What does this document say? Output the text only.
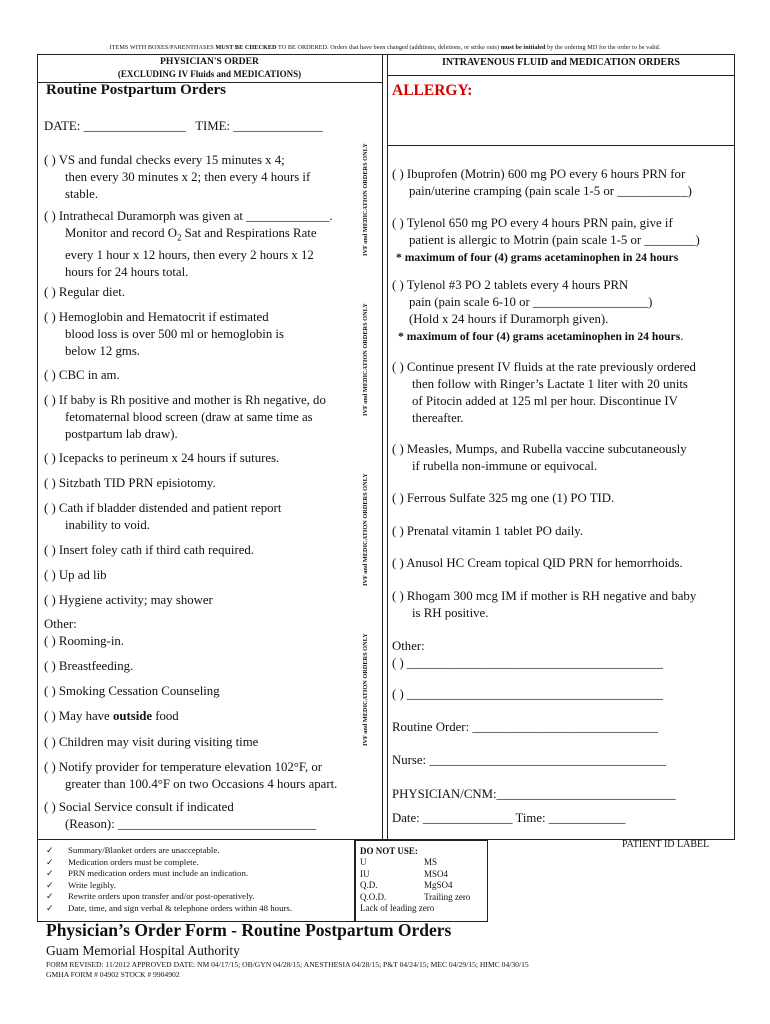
ITEMS WITH BOXES/PARENTHASES MUST BE CHECKED TO BE ORDERED. Orders that have been changed (additions, deletions, or strike outs) must be initialed by the ordering MD for the order to be valid.
IVF and MEDICATION ORDERS ONLY
IVF and MEDICATION ORDERS ONLY
IVF and MEDICATION ORDERS ONLY
IVF and MEDICATION ORDERS ONLY
PHYSICIAN'S ORDER
(EXCLUDING IV Fluids and MEDICATIONS)
INTRAVENOUS FLUID and MEDICATION ORDERS
Routine Postpartum Orders	ALLERGY:
DATE: ________________   TIME: ______________
( ) VS and fundal checks every 15 minutes x 4;
then every 30 minutes x 2; then every 4 hours if
stable.
( ) Intrathecal Duramorph was given at _____________.
Monitor and record $O_2$ Sat and Respirations Rate
every 1 hour x 12 hours, then every 2 hours x 12
hours for 24 hours total.
( ) Regular diet.
( ) Hemoglobin and Hematocrit if estimated
blood loss is over 500 ml or hemoglobin is
below 12 gms.
( ) CBC in am.
( ) If baby is Rh positive and mother is Rh negative, do
fetomaternal blood screen (draw at same time as
postpartum lab draw).
( ) Icepacks to perineum x 24 hours if sutures.
( ) Sitzbath TID PRN episiotomy.
( ) Cath if bladder distended and patient report
inability to void.
( ) Insert foley cath if third cath required.
( ) Up ad lib
( ) Hygiene activity; may shower
Other:
( ) Rooming-in.
( ) Breastfeeding.
( ) Smoking Cessation Counseling
( ) May have outside food
( ) Children may visit during visiting time
( ) Notify provider for temperature elevation 102°F, or
greater than 100.4°F on two Occasions 4 hours apart.
( ) Social Service consult if indicated
(Reason): _______________________________
( ) Ibuprofen (Motrin) 600 mg PO every 6 hours PRN for
pain/uterine cramping (pain scale 1-5 or ___________)
( ) Tylenol 650 mg PO every 4 hours PRN pain, give if
patient is allergic to Motrin (pain scale 1-5 or ________)
* maximum of four (4) grams acetaminophen in 24 hours
( ) Tylenol #3 PO 2 tablets every 4 hours PRN
pain (pain scale 6-10 or __________________)
(Hold x 24 hours if Duramorph given).
* maximum of four (4) grams acetaminophen in 24 hours.
( ) Continue present IV fluids at the rate previously ordered
then follow with Ringer’s Lactate 1 liter with 20 units
of Pitocin added at 125 ml per hour. Discontinue IV
thereafter.
( ) Measles, Mumps, and Rubella vaccine subcutaneously
if rubella non-immune or equivocal.
( ) Ferrous Sulfate 325 mg one (1) PO TID.
( ) Prenatal vitamin 1 tablet PO daily.
( ) Anusol HC Cream topical QID PRN for hemorrhoids.
( ) Rhogam 300 mcg IM if mother is RH negative and baby
is RH positive.
Other:
( ) ________________________________________
( ) ________________________________________
Routine Order: _____________________________
Nurse: _____________________________________
PHYSICIAN/CNM:____________________________
Date: ______________ Time: ____________
✓	Summary/Blanket orders are unacceptable.
✓	Medication orders must be complete.
✓	PRN medication orders must include an indication.
✓	Write legibly.
✓	Rewrite orders upon transfer and/or post-operatively.
✓	Date, time, and sign verbal & telephone orders within 48 hours.
DO NOT USE:
U	MS
IU	MSO4
Q.D.	MgSO4
Q.O.D.	Trailing zero
Lack of leading zero
PATIENT ID LABEL
Physician’s Order Form - Routine Postpartum Orders
Guam Memorial Hospital Authority
FORM REVISED: 11/2012 APPROVED DATE: NM 04/17/15; OB/GYN 04/28/15; ANESTHESIA 04/28/15; P&T 04/24/15; MEC 04/29/15; HIMC 04/30/15
GMHA FORM # 04902 STOCK # 9904902
